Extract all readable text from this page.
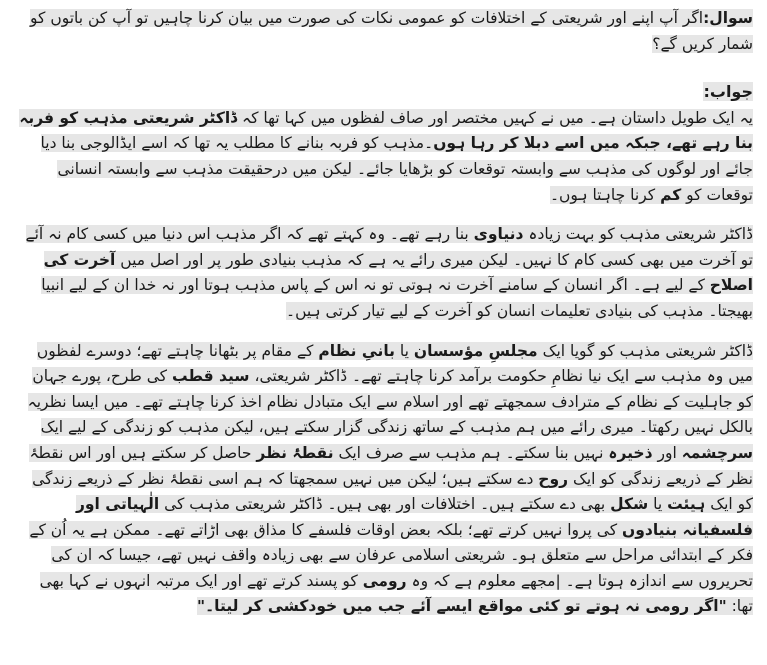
سوال:اگر آپ اپنے اور شریعتی کے اختلافات کو عمومی نکات کی صورت میں بیان کرنا چاہیں تو آپ کن باتوں کو شمار کریں گے؟

جواب:

یہ ایک طویل داستان ہے۔ میں نے کہیں مختصر اور صاف لفظوں میں کہا تھا کہ ڈاکٹر شریعتی مذہب کو فربہ بنا رہے تھے، جبکہ میں اسے دبلا کر رہا ہوں۔مذہب کو فربہ بنانے کا مطلب یہ تھا کہ اسے ایڈالوجی بنا دیا جائے اور لوگوں کی مذہب سے وابستہ توقعات کو بڑھایا جائے۔ لیکن میں درحقیقت مذہب سے وابستہ انسانی توقعات کو کم کرنا چاہتا ہوں۔

ڈاکٹر شریعتی مذہب کو بہت زیادہ دنیاوی بنا رہے تھے۔ وہ کہتے تھے کہ اگر مذہب اس دنیا میں کسی کام نہ آئے تو آخرت میں بھی کسی کام کا نہیں۔ لیکن میری رائے یہ ہے کہ مذہب بنیادی طور پر اور اصل میں آخرت کی اصلاح کے لیے ہے۔ اگر انسان کے سامنے آخرت نہ ہوتی تو نہ اس کے پاس مذہب ہوتا اور نہ خدا ان کے لیے انبیا بھیجتا۔ مذہب کی بنیادی تعلیمات انسان کو آخرت کے لیے تیار کرتی ہیں۔

ڈاکٹر شریعتی مذہب کو گویا ایک مجلسِ مؤسسان یا بانیِ نظام کے مقام پر بٹھانا چاہتے تھے؛ دوسرے لفظوں میں وہ مذہب سے ایک نیا نظامِ حکومت برآمد کرنا چاہتے تھے۔ ڈاکٹر شریعتی، سید قطب کی طرح، پورے جہان کو جاہلیت کے نظام کے مترادف سمجھتے تھے اور اسلام سے ایک متبادل نظام اخذ کرنا چاہتے تھے۔ میں ایسا نظریہ بالکل نہیں رکھتا۔ میری رائے میں ہم مذہب کے ساتھ زندگی گزار سکتے ہیں، لیکن مذہب کو زندگی کے لیے ایک سرچشمہ اور ذخیرہ نہیں بنا سکتے۔ ہم مذہب سے صرف ایک نقطۂ نظر حاصل کر سکتے ہیں اور اس نقطۂ نظر کے ذریعے زندگی کو ایک روح دے سکتے ہیں؛ لیکن میں نہیں سمجھتا کہ ہم اسی نقطۂ نظر کے ذریعے زندگی کو ایک ہیئت یا شکل بھی دے سکتے ہیں۔ اختلافات اور بھی ہیں۔ ڈاکٹر شریعتی مذہب کی الٰہیاتی اور فلسفیانہ بنیادوں کی پروا نہیں کرتے تھے؛ بلکہ بعض اوقات فلسفے کا مذاق بھی اڑاتے تھے۔ ممکن ہے یہ اُن کے فکر کے ابتدائی مراحل سے متعلق ہو۔ شریعتی اسلامی عرفان سے بھی زیادہ واقف نہیں تھے، جیسا کہ ان کی تحریروں سے اندازہ ہوتا ہے۔ |مجھے معلوم ہے کہ وہ رومی کو پسند کرتے تھے اور ایک مرتبہ انہوں نے کہا بھی تھا: "اگر رومی نہ ہوتے تو کئی مواقع ایسے آئے جب میں خودکشی کر لیتا۔"
